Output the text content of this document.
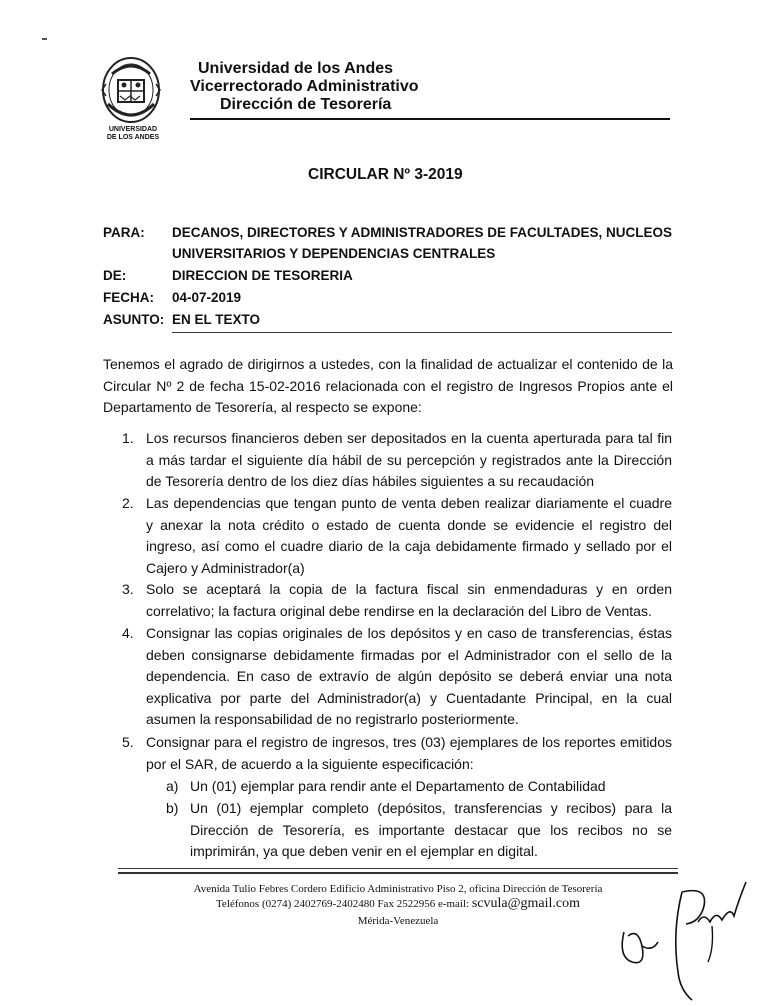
UNIVERSIDAD
DE LOS ANDES
Universidad de los Andes
Vicerrectorado Administrativo
Dirección de Tesorería
CIRCULAR Nº 3-2019
PARA: DECANOS, DIRECTORES Y ADMINISTRADORES DE FACULTADES, NUCLEOS
UNIVERSITARIOS Y DEPENDENCIAS CENTRALES
DE:	DIRECCION DE TESORERIA
FECHA: 04-07-2019
ASUNTO: EN EL TEXTO

Tenemos el agrado de dirigirnos a ustedes, con la finalidad de actualizar el contenido de la Circular Nº 2 de fecha 15-02-2016 relacionada con el registro de Ingresos Propios ante el Departamento de Tesorería, al respecto se expone:

1. Los recursos financieros deben ser depositados en la cuenta aperturada para tal fin a más tardar el siguiente día hábil de su percepción y registrados ante la Dirección de Tesorería dentro de los diez días hábiles siguientes a su recaudación
2. Las dependencias que tengan punto de venta deben realizar diariamente el cuadre y anexar la nota crédito o estado de cuenta donde se evidencie el registro del ingreso, así como el cuadre diario de la caja debidamente firmado y sellado por el Cajero y Administrador(a)
3. Solo se aceptará la copia de la factura fiscal sin enmendaduras y en orden correlativo; la factura original debe rendirse en la declaración del Libro de Ventas.
4. Consignar las copias originales de los depósitos y en caso de transferencias, éstas deben consignarse debidamente firmadas por el Administrador con el sello de la dependencia. En caso de extravío de algún depósito se deberá enviar una nota explicativa por parte del Administrador(a) y Cuentadante Principal, en la cual asumen la responsabilidad de no registrarlo posteriormente.
5. Consignar para el registro de ingresos, tres (03) ejemplares de los reportes emitidos por el SAR, de acuerdo a la siguiente especificación:
a) Un (01) ejemplar para rendir ante el Departamento de Contabilidad
b) Un (01) ejemplar completo (depósitos, transferencias y recibos) para la Dirección de Tesorería, es importante destacar que los recibos no se imprimirán, ya que deben venir en el ejemplar en digital.
Avenida Tulio Febres Cordero Edificio Administrativo Piso 2, oficina Dirección de Tesorería
Teléfonos (0274) 2402769-2402480 Fax 2522956 e-mail: scvula@gmail.com
Mérida-Venezuela
